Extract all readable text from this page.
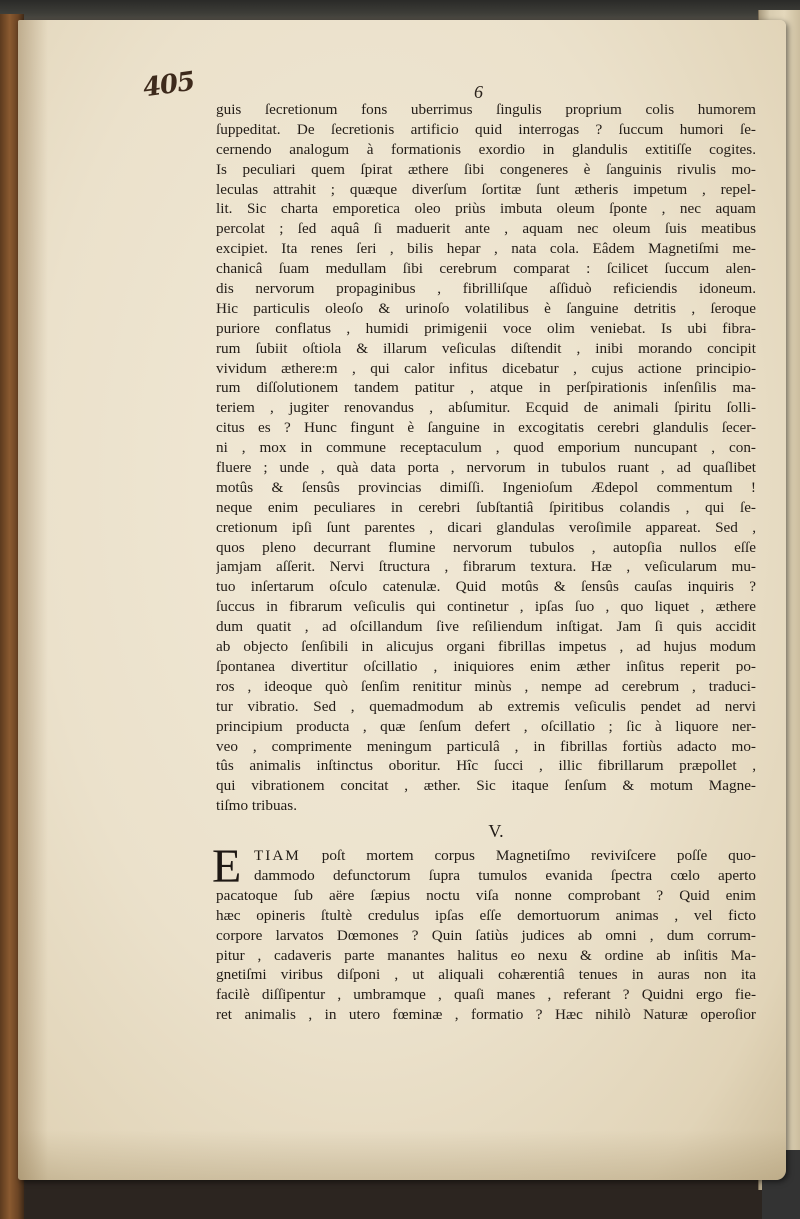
405	6
guis ſecretionum fons uberrimus ſingulis proprium colis humorem
ſuppeditat. De ſecretionis artificio quid interrogas ? ſuccum humori ſe-
cernendo analogum à formationis exordio in glandulis extitiſſe cogites.
Is peculiari quem ſpirat æthere ſibi congeneres è ſanguinis rivulis mo-
leculas attrahit ; quæque diverſum ſortitæ ſunt ætheris impetum , repel-
lit. Sic charta emporetica oleo priùs imbuta oleum ſponte , nec aquam
percolat ; ſed aquâ ſi maduerit ante , aquam nec oleum ſuis meatibus
excipiet. Ita renes ſeri , bilis hepar , nata cola. Eâdem Magnetiſmi me-
chanicâ ſuam medullam ſibi cerebrum comparat : ſcilicet ſuccum alen-
dis nervorum propaginibus , fibrilliſque aſſiduò reficiendis idoneum.
Hic particulis oleoſo & urinoſo volatilibus è ſanguine detritis , ſeroque
puriore conflatus , humidi primigenii voce olim veniebat. Is ubi fibra-
rum ſubiit oſtiola & illarum veſiculas diſtendit , inibi morando concipit
vividum æthere:m , qui calor infitus dicebatur , cujus actione principio-
rum diſſolutionem tandem patitur , atque in perſpirationis inſenſilis ma-
teriem , jugiter renovandus , abſumitur. Ecquid de animali ſpiritu ſolli-
citus es ? Hunc fingunt è ſanguine in excogitatis cerebri glandulis ſecer-
ni , mox in commune receptaculum , quod emporium nuncupant , con-
fluere ; unde , quà data porta , nervorum in tubulos ruant , ad quaſlibet
motûs & ſensûs provincias dimiſſi. Ingenioſum Ædepol commentum !
neque enim peculiares in cerebri ſubſtantiâ ſpiritibus colandis , qui ſe-
cretionum ipſi ſunt parentes , dicari glandulas veroſimile appareat. Sed ,
quos pleno decurrant flumine nervorum tubulos , autopſia nullos eſſe
jamjam aſſerit. Nervi ſtructura , fibrarum textura. Hæ , veſicularum mu-
tuo inſertarum oſculo catenulæ. Quid motûs & ſensûs cauſas inquiris ?
ſuccus in fibrarum veſiculis qui continetur , ipſas ſuo , quo liquet , æthere
dum quatit , ad oſcillandum ſive reſiliendum inſtigat. Jam ſi quis accidit
ab objecto ſenſibili in alicujus organi fibrillas impetus , ad hujus modum
ſpontanea divertitur oſcillatio , iniquiores enim æther inſitus reperit po-
ros , ideoque quò ſenſim renititur minùs , nempe ad cerebrum , traduci-
tur vibratio. Sed , quemadmodum ab extremis veſiculis pendet ad nervi
principium producta , quæ ſenſum defert , oſcillatio ; ſic à liquore ner-
veo , comprimente meningum particulâ , in fibrillas fortiùs adacto mo-
tûs animalis inſtinctus oboritur. Hîc ſucci , illic fibrillarum præpollet ,
qui vibrationem concitat , æther. Sic itaque ſenſum & motum Magne-
tiſmo tribuas.
V.
E TIAM poſt mortem corpus Magnetiſmo reviviſcere poſſe quo-
dammodo defunctorum ſupra tumulos evanida ſpectra cœlo aperto
pacatoque ſub aëre ſæpius noctu viſa nonne comprobant ? Quid enim
hæc opineris ſtultè credulus ipſas eſſe demortuorum animas , vel ficto
corpore larvatos Dœmones ? Quin ſatiùs judices ab omni , dum corrum-
pitur , cadaveris parte manantes halitus eo nexu & ordine ab inſitis Ma-
gnetiſmi viribus diſponi , ut aliquali cohærentiâ tenues in auras non ita
facilè diſſipentur , umbramque , quaſi manes , referant ? Quidni ergo fie-
ret animalis , in utero fœminæ , formatio ? Hæc nihilò Naturæ operoſior
